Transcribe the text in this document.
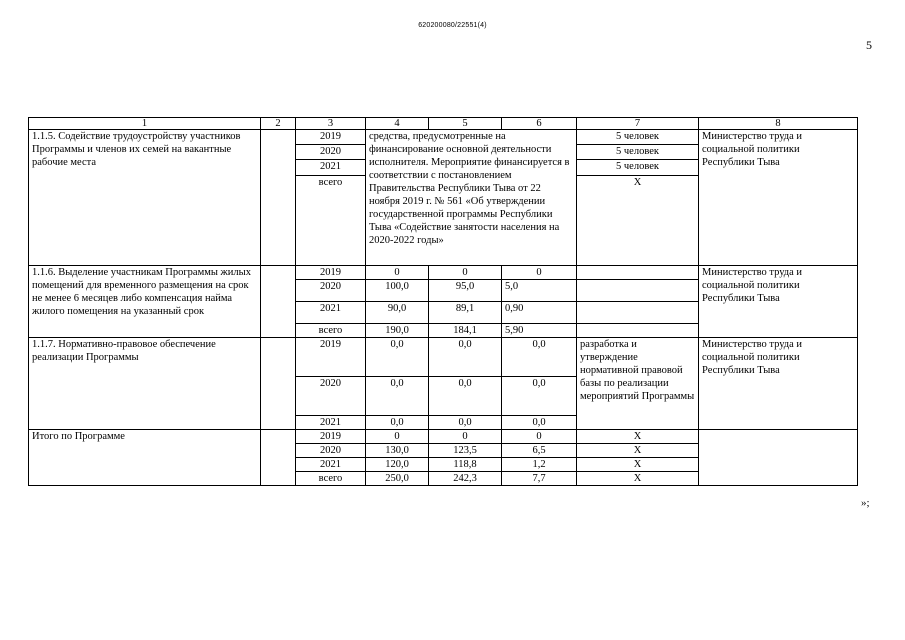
620200080/22551(4)
5
1	2	3	4	5	6	7	8
1.1.5. Содействие трудоустройству участников Программы и членов их семей на вакантные рабочие места		2019	средства, предусмотренные на финансирование основной деятельности исполнителя. Мероприятие финансируется в соответствии с постановлением Правительства Республики Тыва от 22 ноября 2019 г. № 561 «Об утверждении государственной программы Республики Тыва «Содействие занятости населения на 2020-2022 годы»			5 человек	Министерство труда и социальной политики Республики Тыва
		2020				5 человек	
		2021				5 человек	
		всего				Х	
1.1.6. Выделение участникам Программы жилых помещений для временного размещения на срок не менее 6 месяцев либо компенсация найма жилого помещения на указанный срок		2019	0	0	0		Министерство труда и социальной политики Республики Тыва
		2020	100,0	95,0	5,0		
		2021	90,0	89,1	0,90		
		всего	190,0	184,1	5,90		
1.1.7. Нормативно-правовое обеспечение реализации Программы		2019	0,0	0,0	0,0	разработка и утверждение нормативной правовой базы по реализации мероприятий Программы	Министерство труда и социальной политики Республики Тыва
		2020	0,0	0,0	0,0		
		2021	0,0	0,0	0,0		
Итого по Программе		2019	0	0	0	Х	
		2020	130,0	123,5	6,5	Х	
		2021	120,0	118,8	1,2	Х	
		всего	250,0	242,3	7,7	Х	
»;
